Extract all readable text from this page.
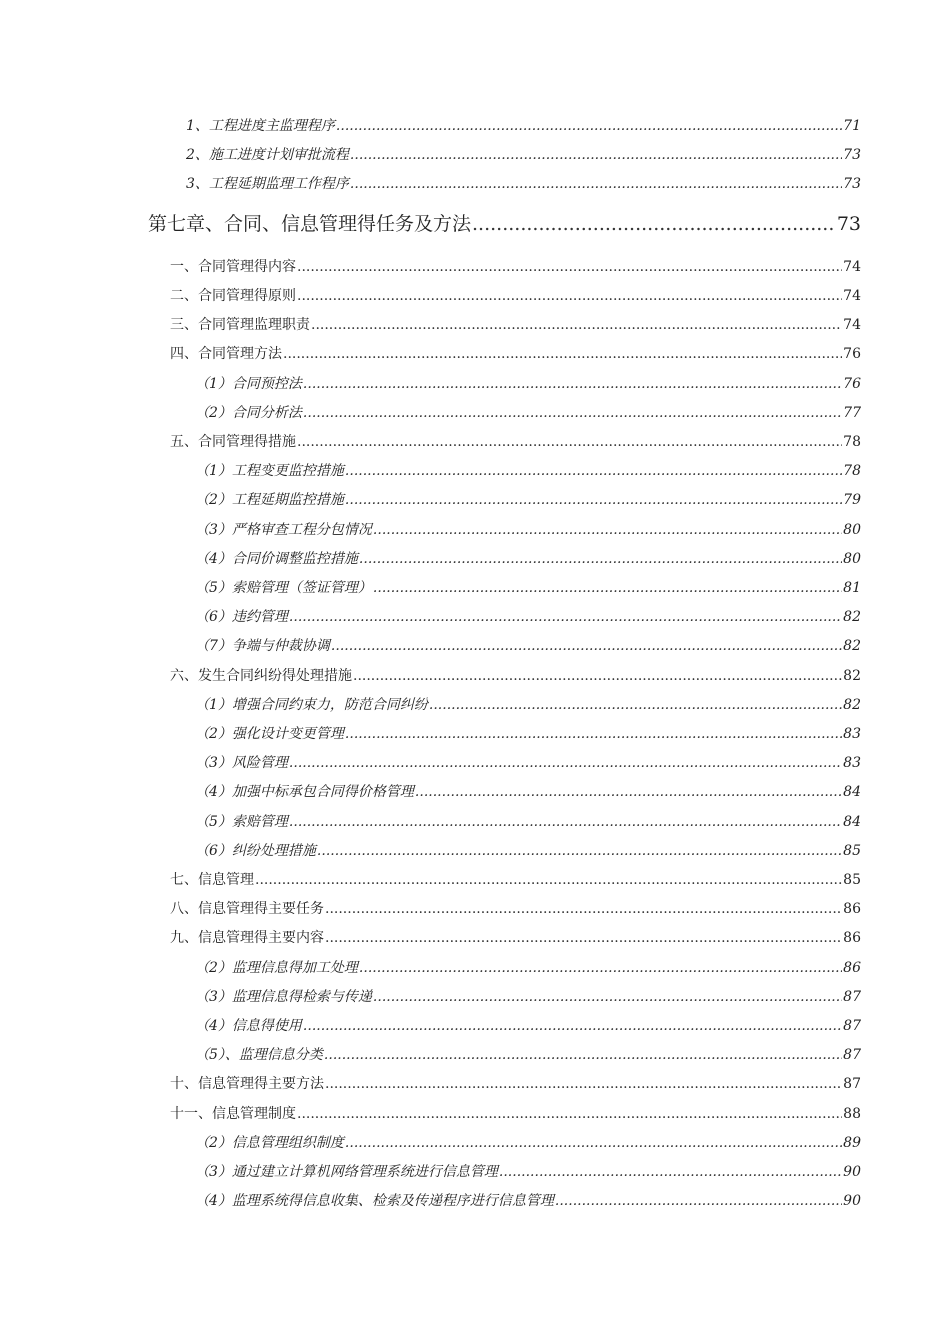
1、工程进度主监理程序 .....	71
2、施工进度计划审批流程 .....	73
3、工程延期监理工作程序 .....	73
第七章、合同、信息管理得任务及方法 .....	73
一、合同管理得内容 .....	74
二、合同管理得原则 .....	74
三、合同管理监理职责 .....	74
四、合同管理方法 .....	76
（1）合同预控法 .....	76
（2）合同分析法 .....	77
五、合同管理得措施 .....	78
（1）工程变更监控措施 .....	78
（2）工程延期监控措施 .....	79
（3）严格审查工程分包情况 .....	80
（4）合同价调整监控措施 .....	80
（5）索赔管理（签证管理） .....	81
（6）违约管理 .....	82
（7）争端与仲裁协调 .....	82
六、发生合同纠纷得处理措施 .....	82
（1）增强合同约束力，防范合同纠纷 .....	82
（2）强化设计变更管理 .....	83
（3）风险管理 .....	83
（4）加强中标承包合同得价格管理 .....	84
（5）索赔管理 .....	84
（6）纠纷处理措施 .....	85
七、信息管理 .....	85
八、信息管理得主要任务 .....	86
九、信息管理得主要内容 .....	86
（2）监理信息得加工处理 .....	86
（3）监理信息得检索与传递 .....	87
（4）信息得使用 .....	87
（5）、监理信息分类 .....	87
十、信息管理得主要方法 .....	87
十一、信息管理制度 .....	88
（2）信息管理组织制度 .....	89
（3）通过建立计算机网络管理系统进行信息管理 .....	90
（4）监理系统得信息收集、检索及传递程序进行信息管理 .....	90
